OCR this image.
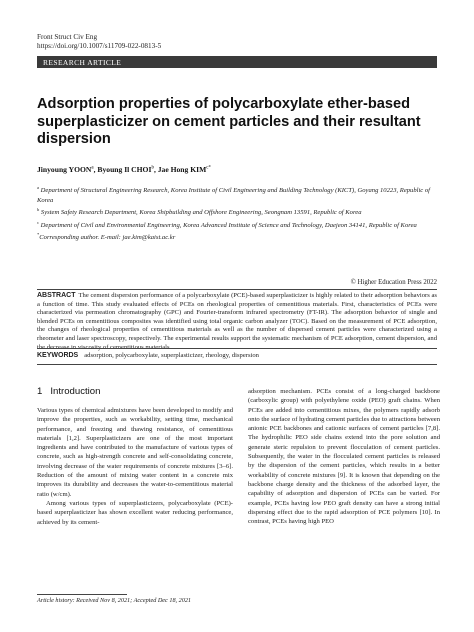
Front Struct Civ Eng
https://doi.org/10.1007/s11709-022-0813-5
RESEARCH ARTICLE
Adsorption properties of polycarboxylate ether-based superplasticizer on cement particles and their resultant dispersion
Jinyoung YOON$^a$, Byoung Il CHOI$^b$, Jae Hong $KIM^{c*}$

$^a$ Department of Structural Engineering Research, Korea Institute of Civil Engineering and Building Technology (KICT), Goyang 10223, Republic of Korea

$^b$ System Safety Research Department, Korea Shipbuilding and Offshore Engineering, Seongnam 13591, Republic of Korea

$^c$ Department of Civil and Environmental Engineering, Korea Advanced Institute of Science and Technology, Daejeon 34141, Republic of Korea

*Corresponding author. E-mail: jae.kim@kaist.ac.kr

© Higher Education Press 2022
ABSTRACT The cement dispersion performance of a polycarboxylate (PCE)-based superplasticizer is highly related to their adsorption behaviors as a function of time. This study evaluated effects of PCEs on rheological properties of cementitious materials. First, characteristics of PCEs were characterized via permeation chromatography (GPC) and Fourier-transform infrared spectrometry (FT-IR). The adsorption behavior of single and blended PCEs on cementitious composites was identified using total organic carbon analyzer (TOC). Based on the measurement of PCE adsorption, the changes of rheological properties of cementitious materials as well as the number of dispersed cement particles were characterized using a rheometer and laser spectroscopy, respectively. The experimental results support the systematic mechanism of PCE adsorption, cement dispersion, and the decrease in viscosity of cementitious materials.
KEYWORDS adsorption, polycarboxylate, superplasticizer, rheology, dispersion
1 Introduction

Various types of chemical admixtures have been developed to modify and improve the properties, such as workability, setting time, mechanical performance, and freezing and thawing resistance, of cementitious materials [1,2]. Superplasticizers are one of the most important ingredients and have contributed to the manufacture of various types of concrete, such as high-strength concrete and self-consolidating concrete, involving decrease of the water requirements of concrete mixtures [3–6]. Reduction of the amount of mixing water content in a concrete mix improves its durability and decreases the water-to-cementitious material ratio (w/cm).

Among various types of superplasticizers, polycarboxylate (PCE)-based superplasticizer has shown excellent water reducing performance, achieved by its cement-

Article history: Received Nov 8, 2021; Accepted Dec 18, 2021

adsorption mechanism. PCEs consist of a long-charged backbone (carboxylic group) with polyethylene oxide (PEO) graft chains. When PCEs are added into cementitious mixes, the polymers rapidly adsorb onto the surface of hydrating cement particles due to attractions between anionic PCE backbones and cationic surfaces of cement particles [7,8]. The hydrophilic PEO side chains extend into the pore solution and generate steric repulsion to prevent flocculation of cement particles. Subsequently, the water in the flocculated cement particles is released by the dispersion of the cement particles, which results in a better workability of concrete mixtures [9]. It is known that depending on the backbone charge density and the thickness of the adsorbed layer, the capability of adsorption and dispersion of PCEs can be varied. For example, PCEs having low PEO graft density can have a strong initial dispersing effect due to the rapid adsorption of PCE polymers [10]. In contrast, PCEs having high PEO
